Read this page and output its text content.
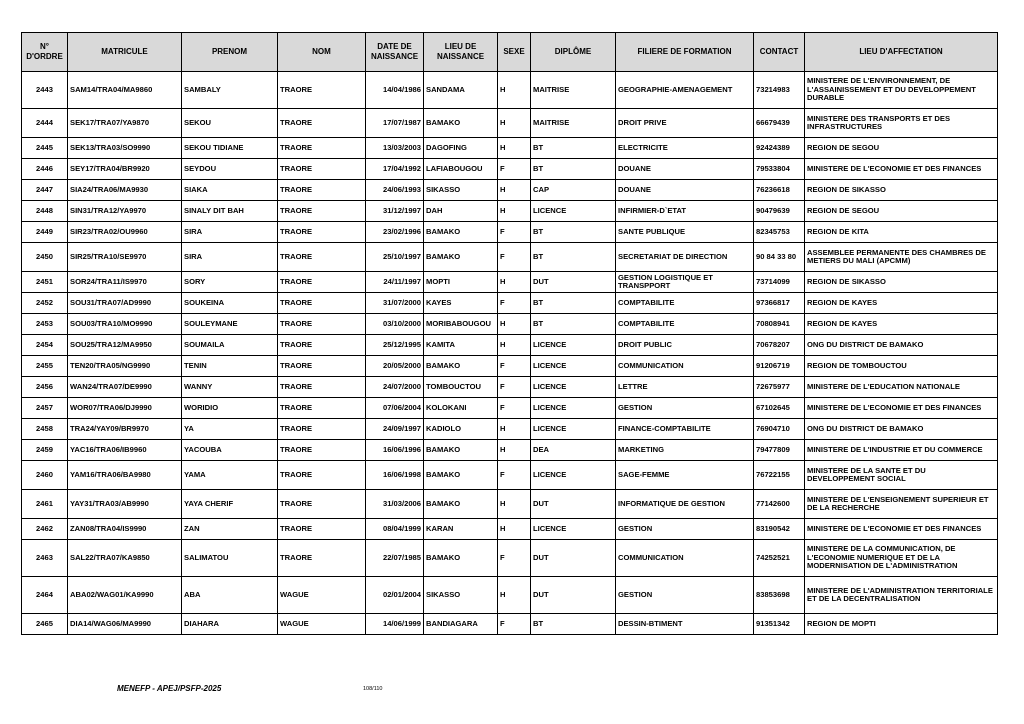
N° D'ORDRE	MATRICULE	PRENOM	NOM	DATE DE NAISSANCE	LIEU DE NAISSANCE	SEXE	DIPLÔME	FILIERE DE FORMATION	CONTACT	LIEU D'AFFECTATION
2443	SAM14/TRA04/MA9860	SAMBALY	TRAORE	14/04/1986	SANDAMA	H	MAITRISE	GEOGRAPHIE-AMENAGEMENT	73214983	MINISTERE DE L'ENVIRONNEMENT, DE L'ASSAINISSEMENT ET DU DEVELOPPEMENT DURABLE
2444	SEK17/TRA07/YA9870	SEKOU	TRAORE	17/07/1987	BAMAKO	H	MAITRISE	DROIT PRIVE	66679439	MINISTERE DES TRANSPORTS ET DES INFRASTRUCTURES
2445	SEK13/TRA03/SO9990	SEKOU TIDIANE	TRAORE	13/03/2003	DAGOFING	H	BT	ELECTRICITE	92424389	REGION DE SEGOU
2446	SEY17/TRA04/BR9920	SEYDOU	TRAORE	17/04/1992	LAFIABOUGOU	F	BT	DOUANE	79533804	MINISTERE DE L'ECONOMIE ET DES FINANCES
2447	SIA24/TRA06/MA9930	SIAKA	TRAORE	24/06/1993	SIKASSO	H	CAP	DOUANE	76236618	REGION DE SIKASSO
2448	SIN31/TRA12/YA9970	SINALY DIT BAH	TRAORE	31/12/1997	DAH	H	LICENCE	INFIRMIER-D`ETAT	90479639	REGION DE SEGOU
2449	SIR23/TRA02/OU9960	SIRA	TRAORE	23/02/1996	BAMAKO	F	BT	SANTE PUBLIQUE	82345753	REGION DE KITA
2450	SIR25/TRA10/SE9970	SIRA	TRAORE	25/10/1997	BAMAKO	F	BT	SECRETARIAT DE DIRECTION	90 84 33 80	ASSEMBLEE PERMANENTE DES CHAMBRES DE METIERS DU MALI (APCMM)
2451	SOR24/TRA11/IS9970	SORY	TRAORE	24/11/1997	MOPTI	H	DUT	GESTION LOGISTIQUE ET TRANSPPORT	73714099	REGION DE SIKASSO
2452	SOU31/TRA07/AD9990	SOUKEINA	TRAORE	31/07/2000	KAYES	F	BT	COMPTABILITE	97366817	REGION DE KAYES
2453	SOU03/TRA10/MO9990	SOULEYMANE	TRAORE	03/10/2000	MORIBABOUGOU	H	BT	COMPTABILITE	70808941	REGION DE KAYES
2454	SOU25/TRA12/MA9950	SOUMAILA	TRAORE	25/12/1995	KAMITA	H	LICENCE	DROIT PUBLIC	70678207	ONG DU DISTRICT DE BAMAKO
2455	TEN20/TRA05/NG9990	TENIN	TRAORE	20/05/2000	BAMAKO	F	LICENCE	COMMUNICATION	91206719	REGION DE TOMBOUCTOU
2456	WAN24/TRA07/DE9990	WANNY	TRAORE	24/07/2000	TOMBOUCTOU	F	LICENCE	LETTRE	72675977	MINISTERE DE L'EDUCATION NATIONALE
2457	WOR07/TRA06/DJ9990	WORIDIO	TRAORE	07/06/2004	KOLOKANI	F	LICENCE	GESTION	67102645	MINISTERE DE L'ECONOMIE ET DES FINANCES
2458	TRA24/YAY09/BR9970	YA	TRAORE	24/09/1997	KADIOLO	H	LICENCE	FINANCE-COMPTABILITE	76904710	ONG DU DISTRICT DE BAMAKO
2459	YAC16/TRA06/IB9960	YACOUBA	TRAORE	16/06/1996	BAMAKO	H	DEA	MARKETING	79477809	MINISTERE DE L'INDUSTRIE ET DU COMMERCE
2460	YAM16/TRA06/BA9980	YAMA	TRAORE	16/06/1998	BAMAKO	F	LICENCE	SAGE-FEMME	76722155	MINISTERE DE LA SANTE ET DU DEVELOPPEMENT SOCIAL
2461	YAY31/TRA03/AB9990	YAYA CHERIF	TRAORE	31/03/2006	BAMAKO	H	DUT	INFORMATIQUE DE GESTION	77142600	MINISTERE DE L'ENSEIGNEMENT SUPERIEUR ET DE LA RECHERCHE
2462	ZAN08/TRA04/IS9990	ZAN	TRAORE	08/04/1999	KARAN	H	LICENCE	GESTION	83190542	MINISTERE DE L'ECONOMIE ET DES FINANCES
2463	SAL22/TRA07/KA9850	SALIMATOU	TRAORE	22/07/1985	BAMAKO	F	DUT	COMMUNICATION	74252521	MINISTERE DE LA COMMUNICATION, DE L'ECONOMIE NUMERIQUE ET DE LA MODERNISATION DE L'ADMINISTRATION
2464	ABA02/WAG01/KA9990	ABA	WAGUE	02/01/2004	SIKASSO	H	DUT	GESTION	83853698	MINISTERE DE L'ADMINISTRATION TERRITORIALE ET DE LA DECENTRALISATION
2465	DIA14/WAG06/MA9990	DIAHARA	WAGUE	14/06/1999	BANDIAGARA	F	BT	DESSIN-BTIMENT	91351342	REGION DE MOPTI
MENEFP - APEJ/PSFP-2025	108/110
